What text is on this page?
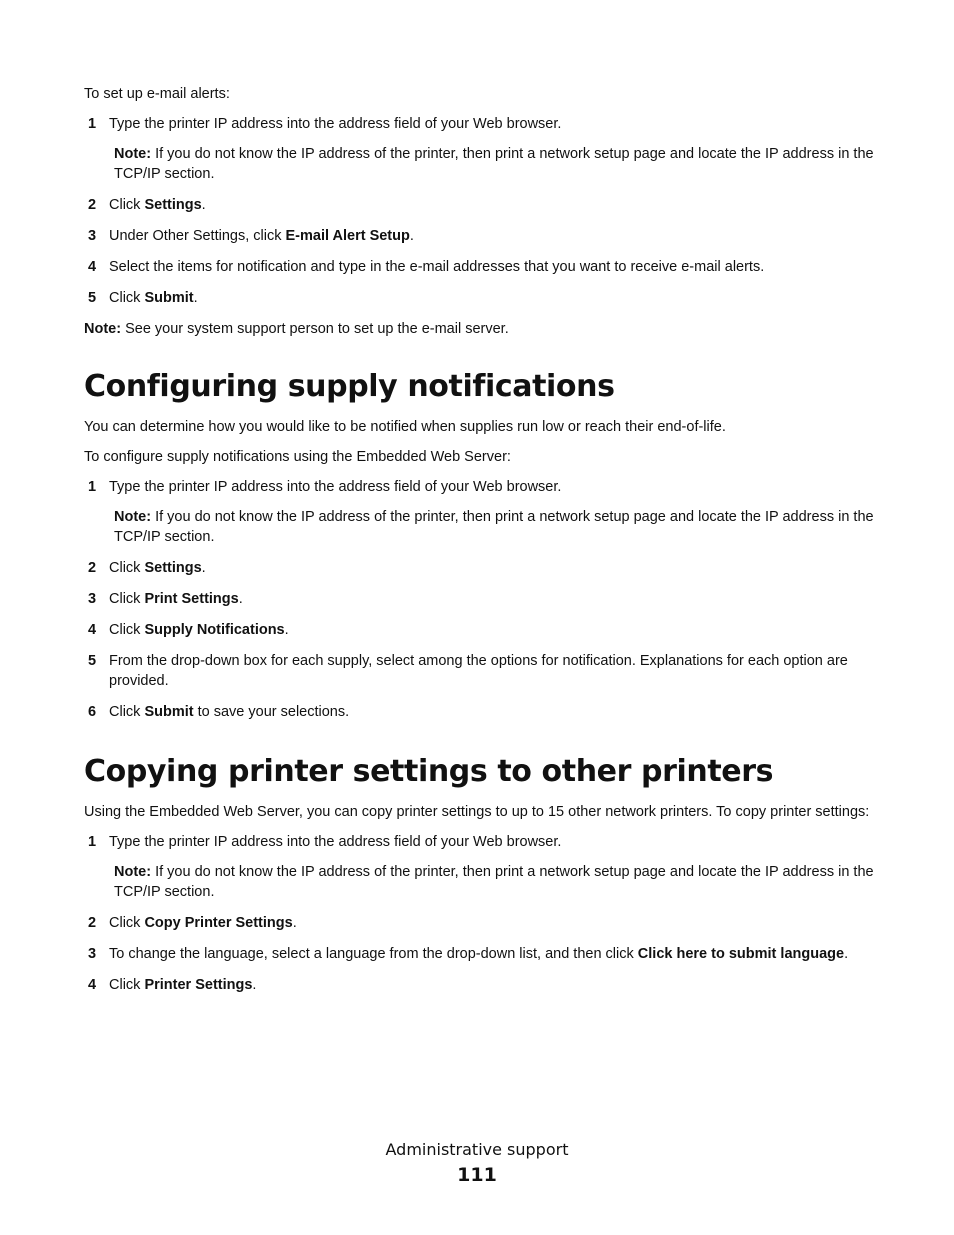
To set up e-mail alerts:

1 Type the printer IP address into the address field of your Web browser.

Note: If you do not know the IP address of the printer, then print a network setup page and locate the IP address in the TCP/IP section.

2 Click Settings.
3 Under Other Settings, click E-mail Alert Setup.
4 Select the items for notification and type in the e-mail addresses that you want to receive e-mail alerts.
5 Click Submit.

Note: See your system support person to set up the e-mail server.

Configuring supply notifications

You can determine how you would like to be notified when supplies run low or reach their end-of-life.

To configure supply notifications using the Embedded Web Server:

1 Type the printer IP address into the address field of your Web browser.

Note: If you do not know the IP address of the printer, then print a network setup page and locate the IP address in the TCP/IP section.

2 Click Settings.
3 Click Print Settings.
4 Click Supply Notifications.
5 From the drop-down box for each supply, select among the options for notification. Explanations for each option are provided.
6 Click Submit to save your selections.
Copying printer settings to other printers

Using the Embedded Web Server, you can copy printer settings to up to 15 other network printers. To copy printer settings:

1 Type the printer IP address into the address field of your Web browser.

Note: If you do not know the IP address of the printer, then print a network setup page and locate the IP address in the TCP/IP section.

2 Click Copy Printer Settings.
3 To change the language, select a language from the drop-down list, and then click Click here to submit language.
4 Click Printer Settings.
Administrative support
111
